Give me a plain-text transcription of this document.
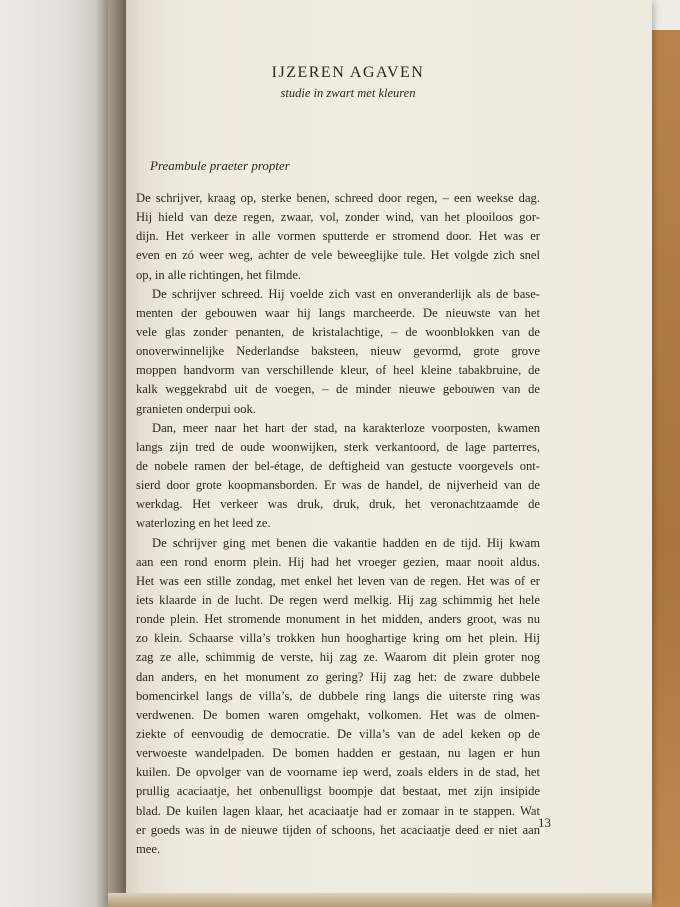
IJZEREN AGAVEN
studie in zwart met kleuren
Preambule praeter propter
De schrijver, kraag op, sterke benen, schreed door regen, – een weekse dag.
Hij hield van deze regen, zwaar, vol, zonder wind, van het plooiloos gor-
dijn. Het verkeer in alle vormen sputterde er stromend door. Het was er
even en zó weer weg, achter de vele beweeglijke tule. Het volgde zich snel
op, in alle richtingen, het filmde.
De schrijver schreed. Hij voelde zich vast en onveranderlijk als de base-
menten der gebouwen waar hij langs marcheerde. De nieuwste van het
vele glas zonder penanten, de kristalachtige, – de woonblokken van de
onoverwinnelijke Nederlandse baksteen, nieuw gevormd, grote grove
moppen handvorm van verschillende kleur, of heel kleine tabakbruine, de
kalk weggekrabd uit de voegen, – de minder nieuwe gebouwen van de
granieten onderpui ook.
Dan, meer naar het hart der stad, na karakterloze voorposten, kwamen
langs zijn tred de oude woonwijken, sterk verkantoord, de lage parterres,
de nobele ramen der bel-étage, de deftigheid van gestucte voorgevels ont-
sierd door grote koopmansborden. Er was de handel, de nijverheid van de
werkdag. Het verkeer was druk, druk, druk, het veronachtzaamde de
waterlozing en het leed ze.
De schrijver ging met benen die vakantie hadden en de tijd. Hij kwam
aan een rond enorm plein. Hij had het vroeger gezien, maar nooit aldus.
Het was een stille zondag, met enkel het leven van de regen. Het was of er
iets klaarde in de lucht. De regen werd melkig. Hij zag schimmig het hele
ronde plein. Het stromende monument in het midden, anders groot, was nu
zo klein. Schaarse villa’s trokken hun hooghartige kring om het plein. Hij
zag ze alle, schimmig de verste, hij zag ze. Waarom dit plein groter nog
dan anders, en het monument zo gering? Hij zag het: de zware dubbele
bomencirkel langs de villa’s, de dubbele ring langs die uiterste ring was
verdwenen. De bomen waren omgehakt, volkomen. Het was de olmen-
ziekte of eenvoudig de democratie. De villa’s van de adel keken op de
verwoeste wandelpaden. De bomen hadden er gestaan, nu lagen er hun
kuilen. De opvolger van de voorname iep werd, zoals elders in de stad, het
prullig acaciaatje, het onbenulligst boompje dat bestaat, met zijn insipide
blad. De kuilen lagen klaar, het acaciaatje had er zomaar in te stappen. Wat
er goeds was in de nieuwe tijden of schoons, het acaciaatje deed er niet aan
mee.
13
